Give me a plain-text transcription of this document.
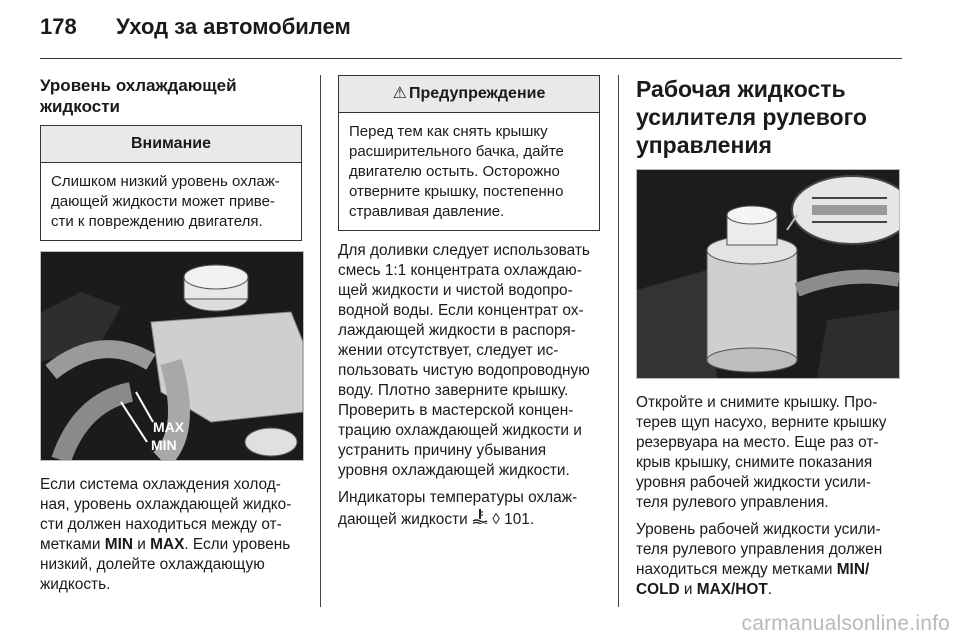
178 Уход за автомобилем
Уровень охлаждающей жидкости
Внимание
Слишком низкий уровень охлаж-дающей жидкости может приве-сти к повреждению двигателя.
MAX
MIN

Если система охлаждения холод-ная, уровень охлаждающей жидко-сти должен находиться между от-метками MIN и MAX. Если уровень низкий, долейте охлаждающую жидкость.

⚠ Предупреждение
Перед тем как снять крышку расширительного бачка, дайте двигателю остыть. Осторожно отверните крышку, постепенно стравливая давление.

Для доливки следует использовать смесь 1:1 концентрата охлаждаю-щей жидкости и чистой водопро-водной воды. Если концентрат ох-лаждающей жидкости в распоря-жении отсутствует, следует ис-пользовать чистую водопроводную воду. Плотно заверните крышку. Проверить в мастерской концен-трацию охлаждающей жидкости и устранить причину убывания уровня охлаждающей жидкости.

Индикаторы температуры охлаж-дающей жидкости  ◊ 101.

Рабочая жидкость усилителя рулевого управления

Откройте и снимите крышку. Про-терев щуп насухо, верните крышку резервуара на место. Еще раз от-крыв крышку, снимите показания уровня рабочей жидкости усили-теля рулевого управления.

Уровень рабочей жидкости усили-теля рулевого управления должен находиться между метками MIN/ COLD и MAX/HOT.

carmanualsonline.info
